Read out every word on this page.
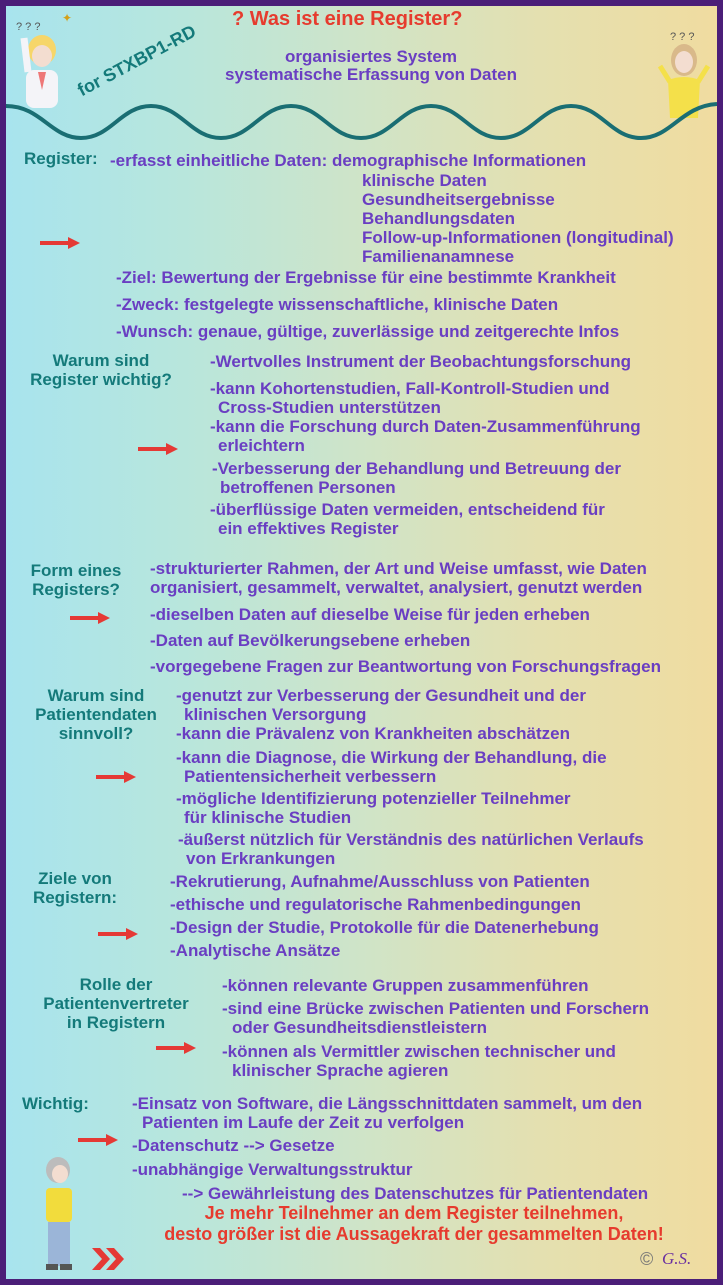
? Was ist eine Register?
organisiertes System
systematische Erfassung von Daten
for STXBP1-RD
? ? ?
✦
? ? ?
Register: -erfasst einheitliche Daten: demographische Informationen
klinische Daten
Gesundheitsergebnisse
Behandlungsdaten
Follow-up-Informationen (longitudinal)
Familienanamnese
-Ziel: Bewertung der Ergebnisse für eine bestimmte Krankheit
-Zweck: festgelegte wissenschaftliche, klinische Daten
-Wunsch: genaue, gültige, zuverlässige und zeitgerechte Infos
Warum sind
Register wichtig?
-Wertvolles Instrument der Beobachtungsforschung
-kann Kohortenstudien, Fall-Kontroll-Studien und
Cross-Studien unterstützen
-kann die Forschung durch Daten-Zusammenführung
erleichtern
-Verbesserung der Behandlung und Betreuung der
betroffenen Personen
-überflüssige Daten vermeiden, entscheidend für
ein effektives Register
Form eines
Registers?
-strukturierter Rahmen, der Art und Weise umfasst, wie Daten
organisiert, gesammelt, verwaltet, analysiert, genutzt werden
-dieselben Daten auf dieselbe Weise für jeden erheben
-Daten auf Bevölkerungsebene erheben
-vorgegebene Fragen zur Beantwortung von Forschungsfragen
Warum sind
Patientendaten
sinnvoll?
-genutzt zur Verbesserung der Gesundheit und der
klinischen Versorgung
-kann die Prävalenz von Krankheiten abschätzen
-kann die Diagnose, die Wirkung der Behandlung, die
Patientensicherheit verbessern
-mögliche Identifizierung potenzieller Teilnehmer
für klinische Studien
-äußerst nützlich für Verständnis des natürlichen Verlaufs
von Erkrankungen
Ziele von
Registern:
-Rekrutierung, Aufnahme/Ausschluss von Patienten
-ethische und regulatorische Rahmenbedingungen
-Design der Studie, Protokolle für die Datenerhebung
-Analytische Ansätze
Rolle der
Patientenvertreter
in Registern
-können relevante Gruppen zusammenführen
-sind eine Brücke zwischen Patienten und Forschern
oder Gesundheitsdienstleistern
-können als Vermittler zwischen technischer und
klinischer Sprache agieren
Wichtig:	-Einsatz von Software, die Längsschnittdaten sammelt, um den
Patienten im Laufe der Zeit zu verfolgen
-Datenschutz --> Gesetze
-unabhängige Verwaltungsstruktur
--> Gewährleistung des Datenschutzes für Patientendaten
Je mehr Teilnehmer an dem Register teilnehmen,
desto größer ist die Aussagekraft der gesammelten Daten!
© G.S.
